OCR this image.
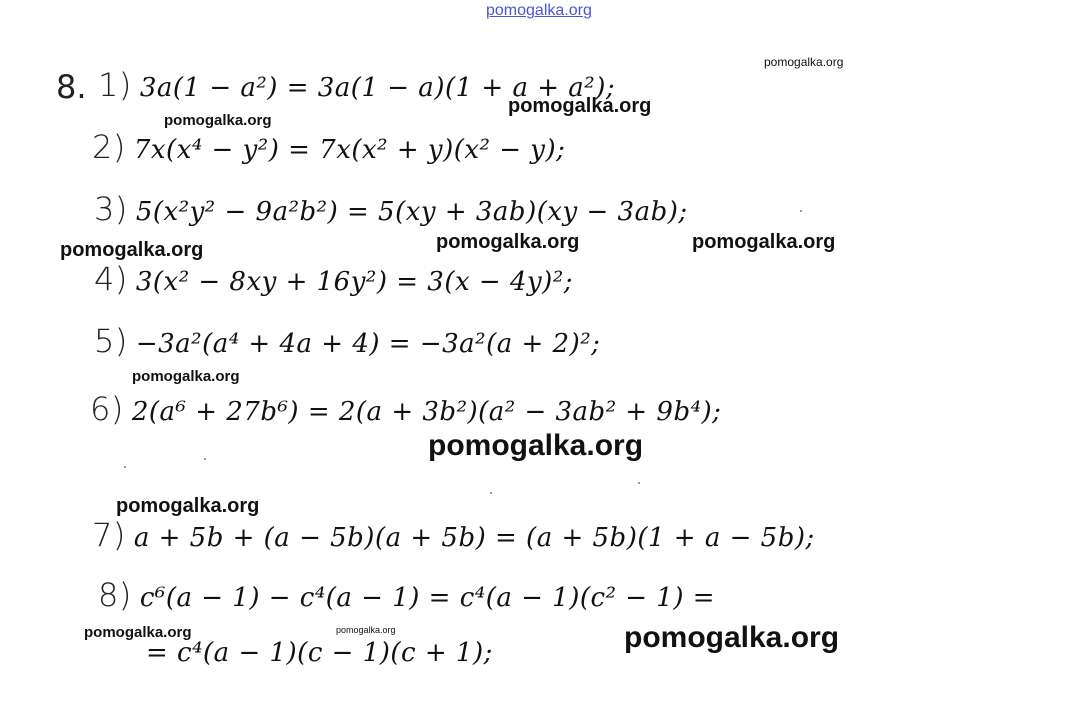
pomogalka.org
8. 1) 3a(1 − a²) = 3a(1 − a)(1 + a + a²);
2) 7x(x⁴ − y²) = 7x(x² + y)(x² − y);
3) 5(x²y² − 9a²b²) = 5(xy + 3ab)(xy − 3ab);
4) 3(x² − 8xy + 16y²) = 3(x − 4y)²;
5) −3a²(a⁴ + 4a + 4) = −3a²(a + 2)²;
6) 2(a⁶ + 27b⁶) = 2(a + 3b²)(a² − 3ab² + 9b⁴);
7) a + 5b + (a − 5b)(a + 5b) = (a + 5b)(1 + a − 5b);
8) c⁶(a − 1) − c⁴(a − 1) = c⁴(a − 1)(c² − 1) =
= c⁴(a − 1)(c − 1)(c + 1);
pomogalka.org
pomogalka.org
pomogalka.org
pomogalka.org	pomogalka.org
pomogalka.org
pomogalka.org
pomogalka.org
pomogalka.org
pomogalka.org	pomogalka.org	pomogalka.org
